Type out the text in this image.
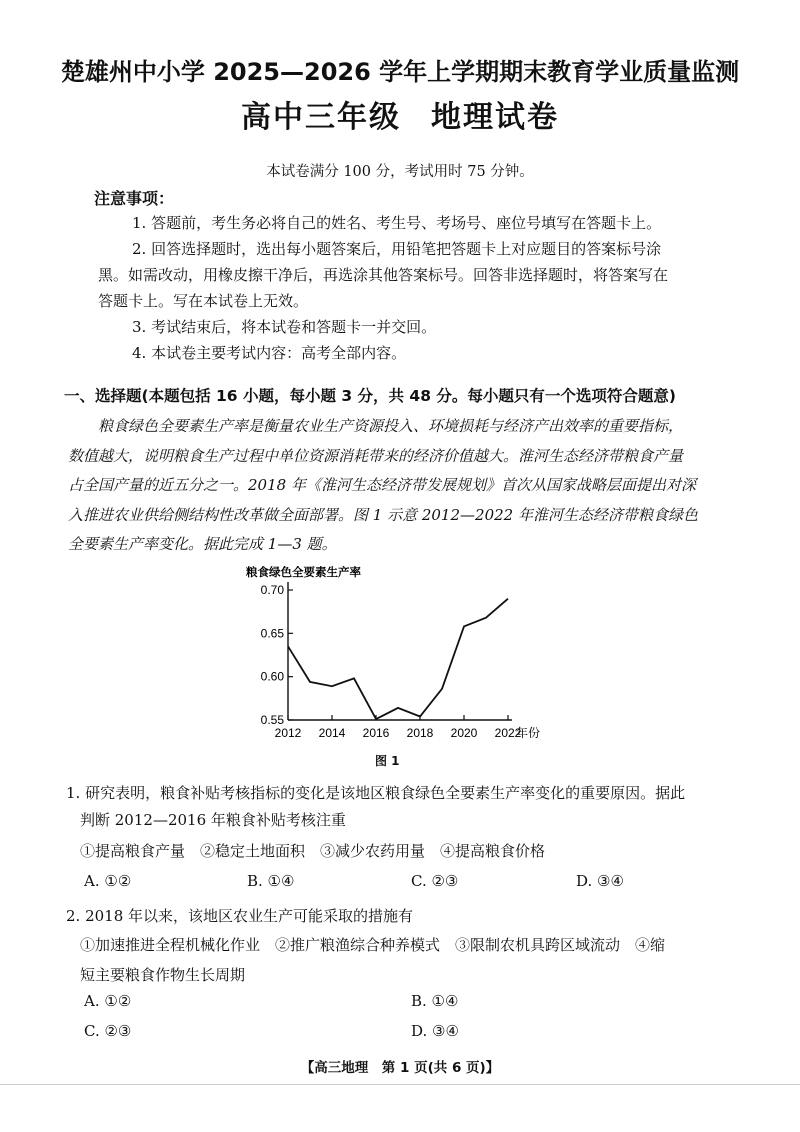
楚雄州中小学 2025—2026 学年上学期期末教育学业质量监测
高中三年级 地理试卷
本试卷满分 100 分，考试用时 75 分钟。
注意事项：
1. 答题前，考生务必将自己的姓名、考生号、考场号、座位号填写在答题卡上。
2. 回答选择题时，选出每小题答案后，用铅笔把答题卡上对应题目的答案标号涂
黑。如需改动，用橡皮擦干净后，再选涂其他答案标号。回答非选择题时，将答案写在
答题卡上。写在本试卷上无效。
3. 考试结束后，将本试卷和答题卡一并交回。
4. 本试卷主要考试内容：高考全部内容。
一、选择题(本题包括 16 小题，每小题 3 分，共 48 分。每小题只有一个选项符合题意)
粮食绿色全要素生产率是衡量农业生产资源投入、环境损耗与经济产出效率的重要指标，
数值越大，说明粮食生产过程中单位资源消耗带来的经济价值越大。淮河生态经济带粮食产量
占全国产量的近五分之一。2018 年《淮河生态经济带发展规划》首次从国家战略层面提出对深
入推进农业供给侧结构性改革做全面部署。图 1 示意 2012—2022 年淮河生态经济带粮食绿色
全要素生产率变化。据此完成 1—3 题。
粮食绿色全要素生产率
0.55
0.60
0.65
0.70
2012 2014 2016 2018 2020 2022
年份
图 1
1. 研究表明，粮食补贴考核指标的变化是该地区粮食绿色全要素生产率变化的重要原因。据此
判断 2012—2016 年粮食补贴考核注重
①提高粮食产量　②稳定土地面积　③减少农药用量　④提高粮食价格
A. ①②	B. ①④	C. ②③	D. ③④
2. 2018 年以来，该地区农业生产可能采取的措施有
①加速推进全程机械化作业　②推广粮渔综合种养模式　③限制农机具跨区域流动　④缩
短主要粮食作物生长周期
A. ①②	B. ①④
C. ②③	D. ③④
【高三地理　第 1 页(共 6 页)】
